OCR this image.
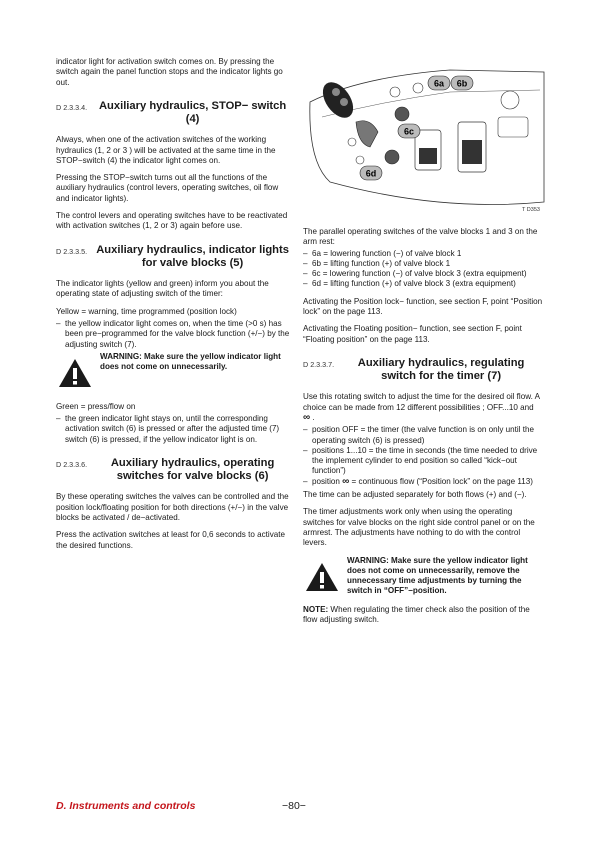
indicator light for activation switch comes on. By pressing the switch again the panel function stops and the indicator lights go out.

D 2.3.3.4.	Auxiliary hydraulics, STOP− switch (4)

Always, when one of the activation switches of the working hydraulics (1, 2 or 3 ) will be activated at the same time in the STOP−switch (4) the indicator light comes on.

Pressing the STOP−switch turns out all the functions of the auxiliary hydraulics (control levers, operating switches, oil flow and indicator lights).

The control levers and operating switches have to be reactivated with activation switches (1, 2 or 3) again before use.

D 2.3.3.5. Auxiliary hydraulics, indicator lights for valve blocks (5)

The indicator lights (yellow and green) inform you about the operating state of adjusting switch of the timer:

Yellow = warning, time programmed (position lock)

– the yellow indicator light comes on, when the time (>0 s) has been pre−programmed for the valve block function (+/−) by the adjusting switch (7).
WARNING: Make sure the yellow indicator light does not come on unnecessarily.

Green = press/flow on

– the green indicator light stays on, until the corresponding activation switch (6) is pressed or after the adjusted time (7) switch (6) is pressed, if the yellow indicator light is on.
D 2.3.3.6.	Auxiliary hydraulics, operating switches for valve blocks (6)

By these operating switches the valves can be controlled and the position lock/floating position for both directions (+/−) in the valve blocks be activated / de−activated.

Press the activation switches at least for 0,6 seconds to activate the desired functions.

6a 6b
6c
6d
T D353

The parallel operating switches of the valve blocks 1 and 3 on the arm rest:

– 6a = lowering function (−) of valve block 1
– 6b = lifting function (+) of valve block 1
– 6c = lowering function (−) of valve block 3 (extra equipment)
– 6d = lifting function (+) of valve block 3 (extra equipment)

Activating the Position lock− function, see section F, point “Position lock” on the page 113.

Activating the Floating position− function, see section F, point “Floating position” on the page 113.

D 2.3.3.7.	Auxiliary hydraulics, regulating switch for the timer (7)

Use this rotating switch to adjust the time for the desired oil flow. A choice can be made from 12 different possibilities ; OFF...10 and ∞ .

– position OFF = the timer (the valve function is on only until the operating switch (6) is pressed)
– positions 1...10 = the time in seconds (the time needed to drive the implement cylinder to end position so called “kick−out function”)
– position ∞ = continuous flow (“Position lock” on the page 113)

The time can be adjusted separately for both flows (+) and (−).

The timer adjustments work only when using the operating switches for valve blocks on the right side control panel or on the armrest. The adjustments have nothing to do with the control levers.

WARNING: Make sure the yellow indicator light does not come on unnecessarily, remove the unnecessary time adjustments by turning the switch in “OFF”−position.

NOTE: When regulating the timer check also the position of the flow adjusting switch.

D. Instruments and controls	−80−
